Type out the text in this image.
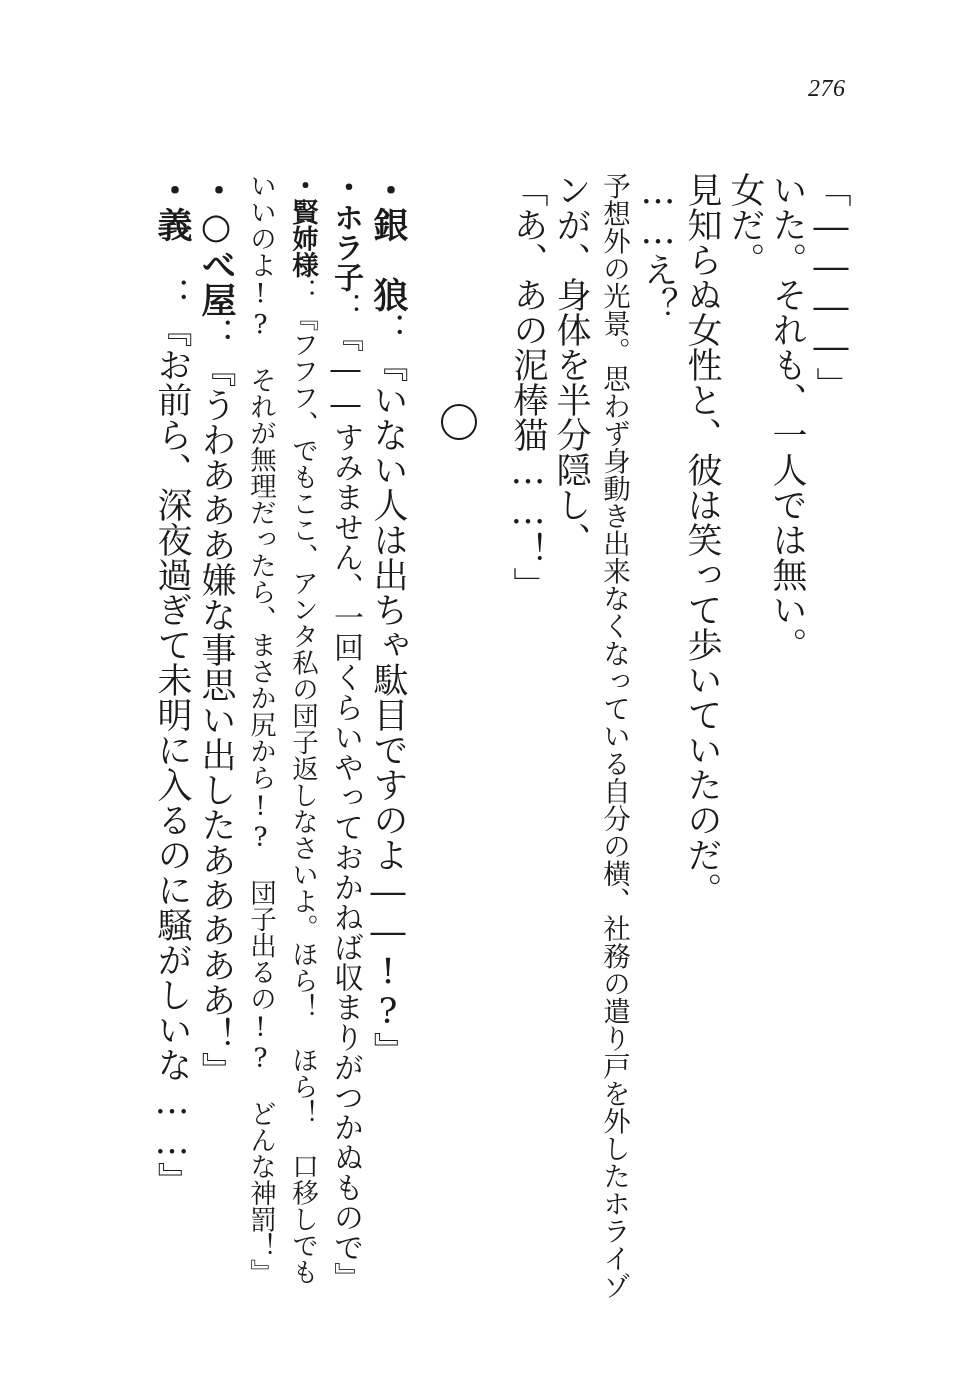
276
「――――」
いた。それも、一人では無い。
女だ。
見知らぬ女性と、彼は笑って歩いていたのだ。
……え？
予想外の光景。思わず身動き出来なくなっている自分の横、社務の遣り戸を外したホライゾ
ンが、身体を半分隠し、
「あ、あの泥棒猫……！」
・銀　狼：『いない人は出ちゃ駄目ですのよ――!?』
・ホラ子：『――すみません、一回くらいやっておかねば収まりがつかぬもので』
・賢姉様：『フフフ、でもここ、アンタ私の団子返しなさいよ。ほら！　ほら！　口移しでも
いいのよ!?　それが無理だったら、まさか尻から!?　団子出るの!?　どんな神罰！』
・○べ屋：『うわあああ嫌な事思い出したあああああ！』
・義　：『お前ら、深夜過ぎて未明に入るのに騒がしいな……』
